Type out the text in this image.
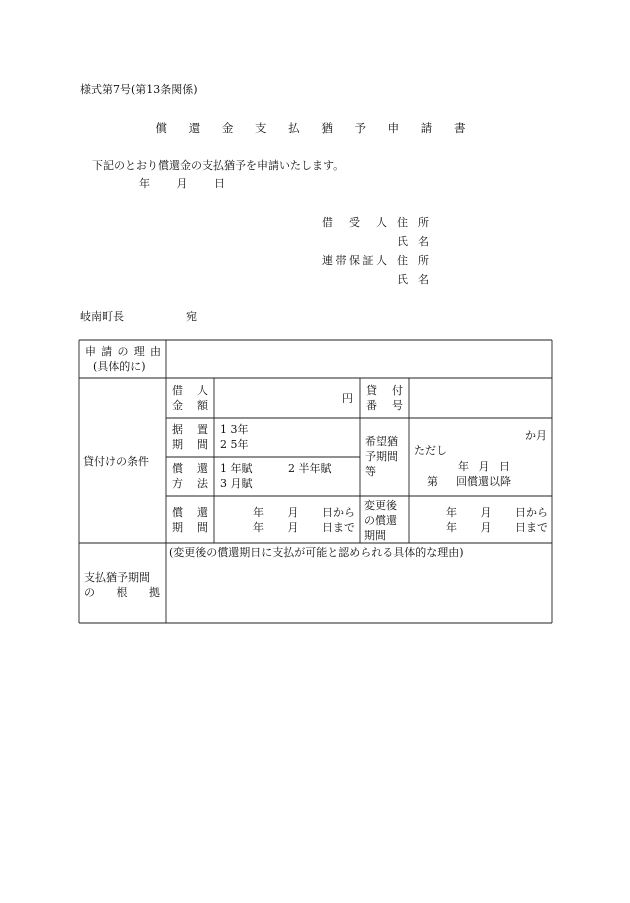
様式第7号(第13条関係)
償 還 金 支 払 猶 予 申 請 書
下記のとおり償還金の支払猶予を申請いたします。
年 月 日
借受人 住所
氏名
連帯保証人 住所
氏名
岐南町長	宛
申請の理由
(具体的に)
貸付けの条件
借 人
金 額
円
貸 付
番 号
据 置
期 間
1 3年
2 5年
償 還
方 法
1 年賦	2 半年賦
3 月賦
希望猶
予期間
等
か月
ただし
年 月 日
第 回償還以降
償 還
期 間
年 月 日から
年 月 日まで
変更後
の償還
期間
年 月 日から
年 月 日まで
支払猶予期間
の 根 拠
(変更後の償還期日に支払が可能と認められる具体的な理由)
